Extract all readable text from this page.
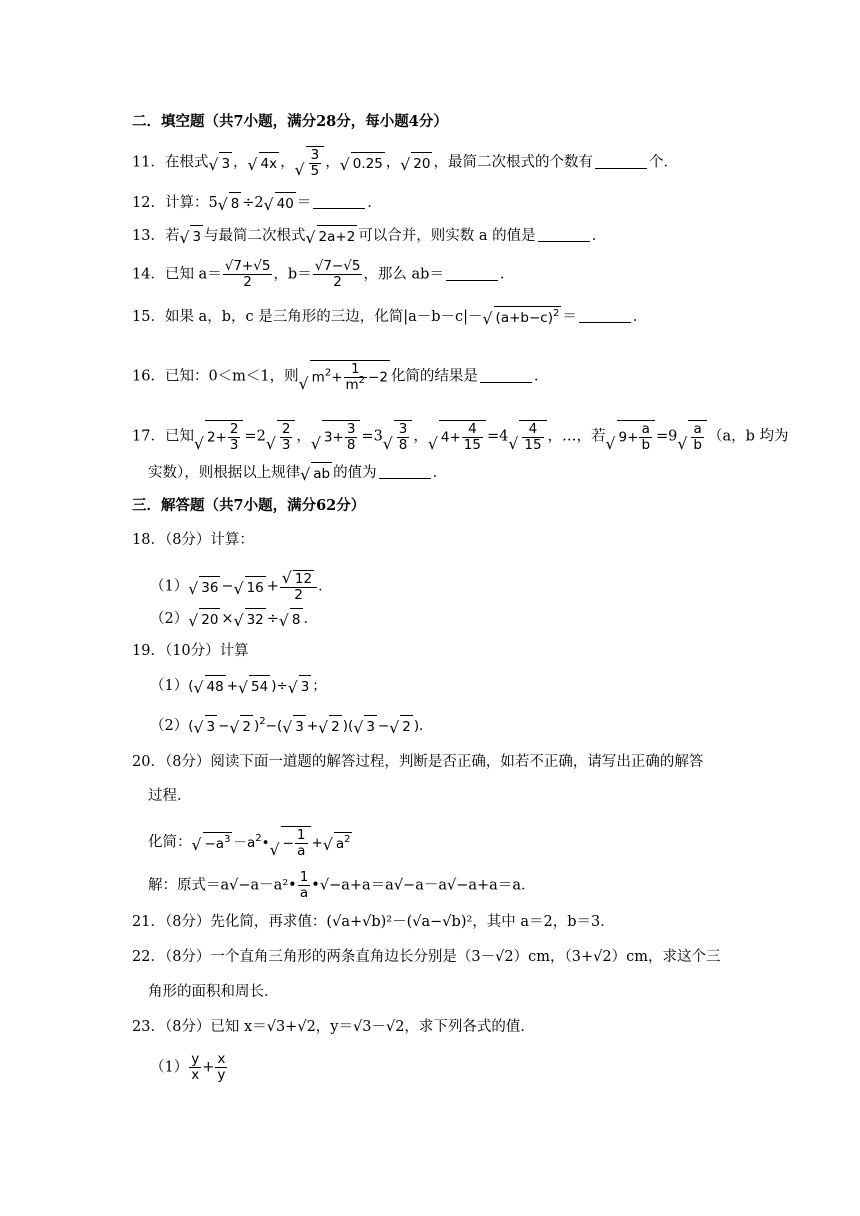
二．填空题（共7小题，满分28分，每小题4分）
11．在根式√ 3 ，√ 4x ，
√ $\frac{3}{5}$ ，√ 0.25 ，√ 20 ，最简二次根式的个数有	个．
12．计算：5√ 8 ÷2√ 40 ＝	．
13．若√ 3 与最简二次根式√ 2a+2 可以合并，则实数 a 的值是	．
14．已知 $a= \frac{√7+√5}{2}$ ，$b= \frac{√7-√5}{2}$ ，那么 ab＝	．
15．如果 a，b，c 是三角形的三边，化简|a－b－c|－√ $(a+b-c)^2$ ＝	．
16．已知：0＜m＜1，则√ $m^2+ \frac{1}{m^2} -2$ 化简的结果是	．
17．已知√ $2+ \frac{2}{3} =2$
√ $\frac{2}{3}$ ，√ $3+ \frac{3}{8} =3$
√ $\frac{3}{8}$ ，√ $4+ \frac{4}{15} =4$
√ $\frac{4}{15}$ ，…，若√ $9+ \frac{a}{b} =9$
√ $\frac{a}{b} (a$，b 均为
实数），则根据以上规律√ ab 的值为	．
三．解答题（共7小题，满分62分）
18．（8分）计算：
（1）√ 36 −√ 16 +
√ $\frac{12}{2}$ ．
（2）√ 20 ×√ 32 ÷√ 8 ．
19．（10分）计算
（1）(√ 48 +√ 54 )÷√ 3 ；
（2）(√ 3 −√ 2 )$^2$−(√ 3 +√ 2 )(√ 3 −√ 2 )．
20．（8分）阅读下面一道题的解答过程，判断是否正确，如若不正确，请写出正确的解答
过程．
化简：√ $-a^3$ $-a^2•√ - \frac{1}{a}$ +√ $a^2$
解：原式＝a√−a－a²• $\frac{1}{a}$ •√−a+a＝a√−a－a√−a+a＝a．
21．（8分）先化简，再求值：(√a+√b)²－(√a−√b)²，其中 a＝2，b＝3．
22．（8分）一个直角三角形的两条直角边长分别是（3－√2）cm，（3+√2）cm，求这个三
角形的面积和周长．
23．（8分）已知 x＝√3+√2，y＝√3－√2，求下列各式的值．
$(1) \frac{y}{x} + \frac{x}{y}$
